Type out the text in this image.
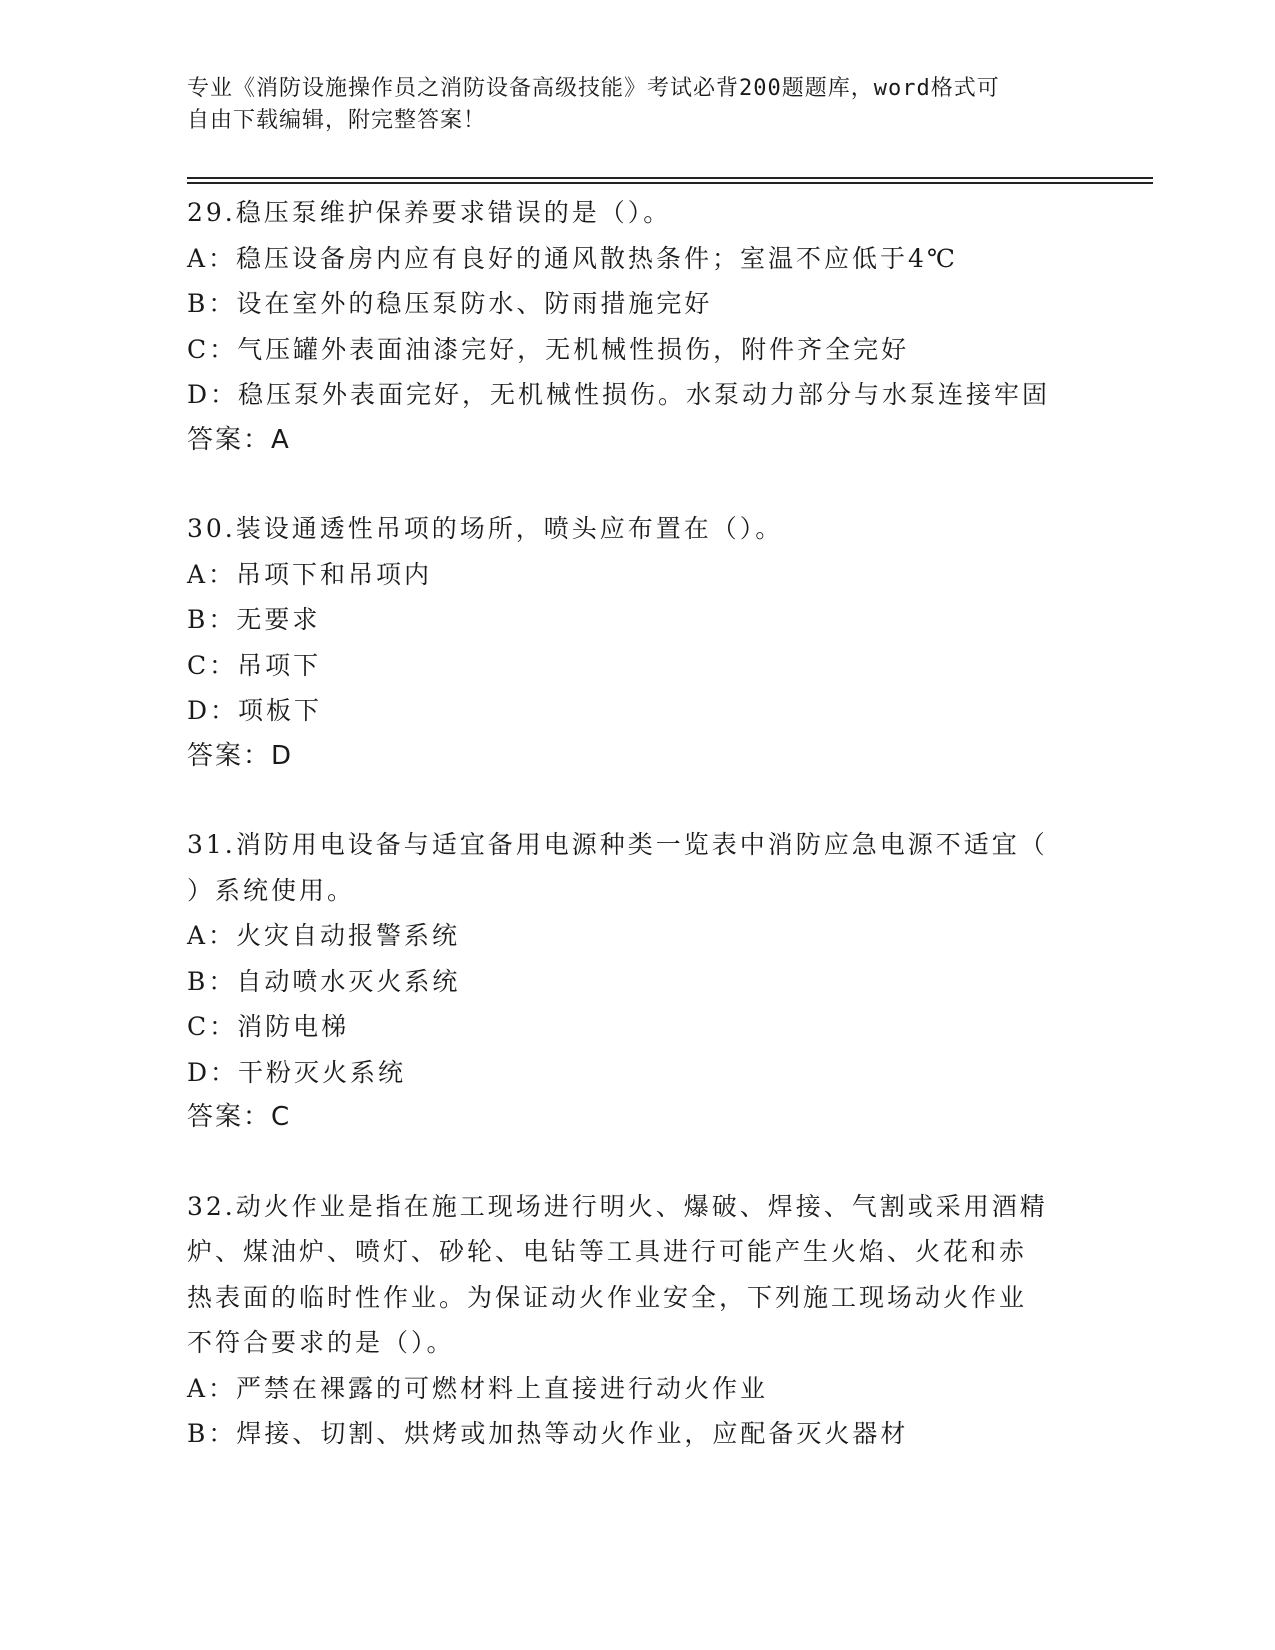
专业《消防设施操作员之消防设备高级技能》考试必背200题题库，word格式可
自由下载编辑，附完整答案！
29.稳压泵维护保养要求错误的是（）。
A：稳压设备房内应有良好的通风散热条件；室温不应低于4℃
B：设在室外的稳压泵防水、防雨措施完好
C：气压罐外表面油漆完好，无机械性损伤，附件齐全完好
D：稳压泵外表面完好，无机械性损伤。水泵动力部分与水泵连接牢固
答案：A
30.装设通透性吊项的场所，喷头应布置在（）。
A：吊项下和吊项内
B：无要求
C：吊项下
D：项板下
答案：D
31.消防用电设备与适宜备用电源种类一览表中消防应急电源不适宜（
）系统使用。
A：火灾自动报警系统
B：自动喷水灭火系统
C：消防电梯
D：干粉灭火系统
答案：C
32.动火作业是指在施工现场进行明火、爆破、焊接、气割或采用酒精
炉、煤油炉、喷灯、砂轮、电钻等工具进行可能产生火焰、火花和赤
热表面的临时性作业。为保证动火作业安全，下列施工现场动火作业
不符合要求的是（）。
A：严禁在裸露的可燃材料上直接进行动火作业
B：焊接、切割、烘烤或加热等动火作业，应配备灭火器材
